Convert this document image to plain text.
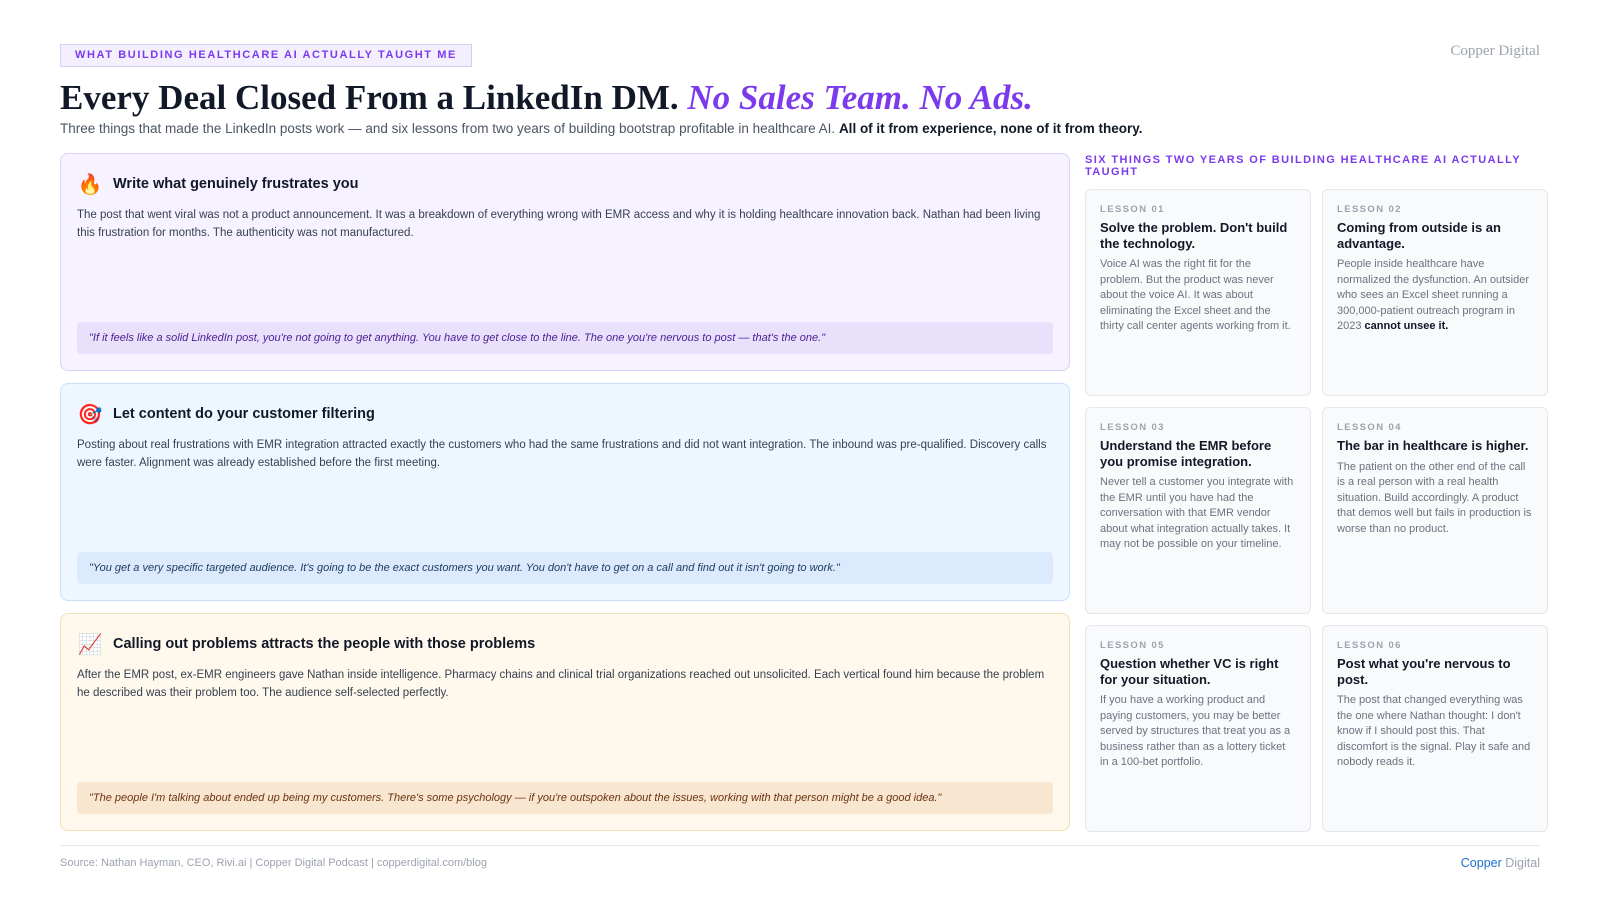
WHAT BUILDING HEALTHCARE AI ACTUALLY TAUGHT ME	Copper Digital
Every Deal Closed From a LinkedIn DM. No Sales Team. No Ads.

Three things that made the LinkedIn posts work — and six lessons from two years of building bootstrap profitable in healthcare AI. All of it from experience, none of it from theory.

🔥 Write what genuinely frustrates you

The post that went viral was not a product announcement. It was a breakdown of everything wrong with EMR access and why it is holding healthcare innovation back. Nathan had been living this frustration for months. The authenticity was not manufactured.

"If it feels like a solid LinkedIn post, you're not going to get anything. You have to get close to the line. The one you're nervous to post — that's the one."
🎯 Let content do your customer filtering

Posting about real frustrations with EMR integration attracted exactly the customers who had the same frustrations and did not want integration. The inbound was pre-qualified. Discovery calls were faster. Alignment was already established before the first meeting.

"You get a very specific targeted audience. It's going to be the exact customers you want. You don't have to get on a call and find out it isn't going to work."
📈 Calling out problems attracts the people with those problems

After the EMR post, ex-EMR engineers gave Nathan inside intelligence. Pharmacy chains and clinical trial organizations reached out unsolicited. Each vertical found him because the problem he described was their problem too. The audience self-selected perfectly.

"The people I'm talking about ended up being my customers. There's some psychology — if you're outspoken about the issues, working with that person might be a good idea."
SIX THINGS TWO YEARS OF BUILDING HEALTHCARE AI ACTUALLY TAUGHT
LESSON 01
Solve the problem. Don't build the technology.

Voice AI was the right fit for the problem. But the product was never about the voice AI. It was about eliminating the Excel sheet and the thirty call center agents working from it.

LESSON 02
Coming from outside is an advantage.

People inside healthcare have normalized the dysfunction. An outsider who sees an Excel sheet running a 300,000-patient outreach program in 2023 cannot unsee it.

LESSON 03
Understand the EMR before you promise integration.

Never tell a customer you integrate with the EMR until you have had the conversation with that EMR vendor about what integration actually takes. It may not be possible on your timeline.

LESSON 04
The bar in healthcare is higher.

The patient on the other end of the call is a real person with a real health situation. Build accordingly. A product that demos well but fails in production is worse than no product.

LESSON 05
Question whether VC is right for your situation.

If you have a working product and paying customers, you may be better served by structures that treat you as a business rather than as a lottery ticket in a 100-bet portfolio.

LESSON 06
Post what you're nervous to post.

The post that changed everything was the one where Nathan thought: I don't know if I should post this. That discomfort is the signal. Play it safe and nobody reads it.

Source: Nathan Hayman, CEO, Rivi.ai | Copper Digital Podcast | copperdigital.com/blog	Copper Digital
